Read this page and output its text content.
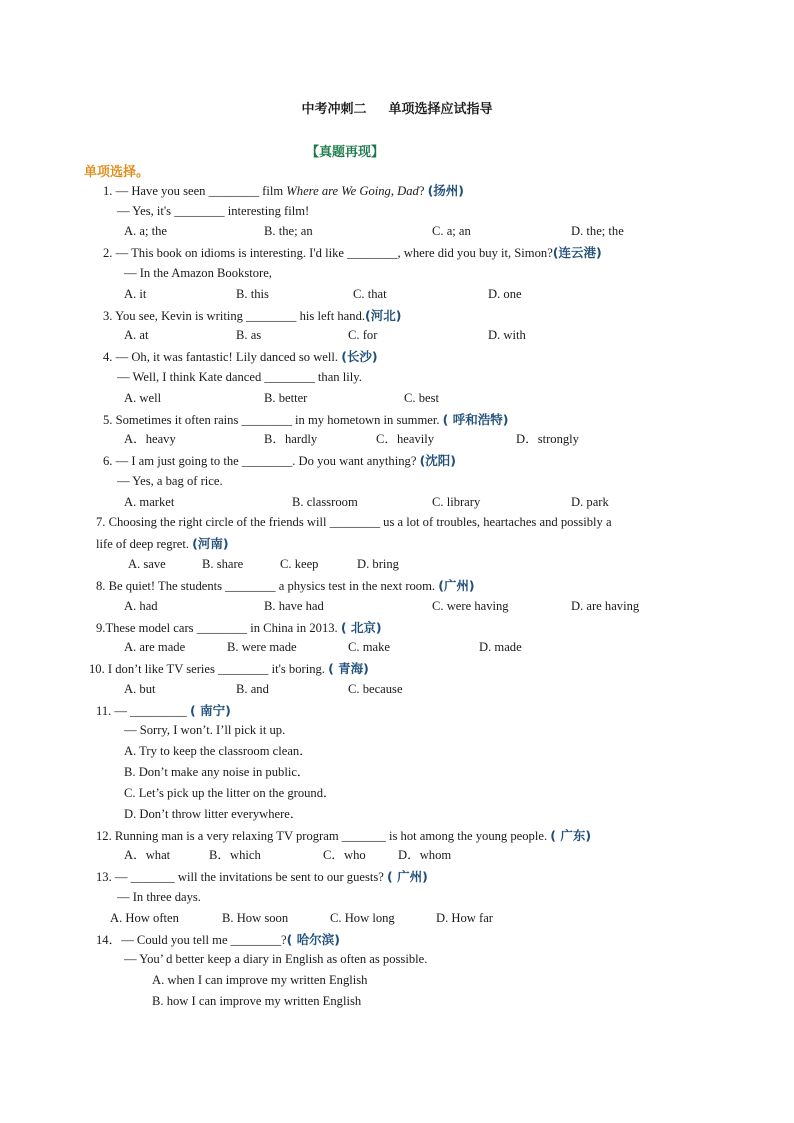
中考冲刺二 单项选择应试指导
【真题再现】
单项选择。
1. — Have you seen ________ film Where are We Going, Dad? (扬州)
— Yes, it's ________ interesting film!
A. a; the	B. the; an	C. a; an	D. the; the
2. — This book on idioms is interesting. I'd like ________, where did you buy it, Simon?(连云港)
— In the Amazon Bookstore,
A. it	B. this	C. that	D. one
3. You see, Kevin is writing ________ his left hand.(河北)
A. at	B. as	C. for	D. with
4. — Oh, it was fantastic! Lily danced so well. (长沙)
— Well, I think Kate danced ________ than lily.
A. well	B. better	C. best
5. Sometimes it often rains ________ in my hometown in summer. ( 呼和浩特)
A．heavy	B．hardly	C．heavily	D．strongly
6. — I am just going to the ________. Do you want anything? (沈阳)
— Yes, a bag of rice.
A. market	B. classroom	C. library	D. park
7. Choosing the right circle of the friends will ________ us a lot of troubles, heartaches and possibly a
life of deep regret. (河南)
A. save	B. share	C. keep	D. bring
8. Be quiet! The students ________ a physics test in the next room. (广州)
A. had	B. have had	C. were having	D. are having
9.These model cars ________ in China in 2013. ( 北京)
A. are made	B. were made	C. make	D. made
10. I don’t like TV series ________ it's boring. ( 青海)
A. but	B. and	C. because
11. — _________ ( 南宁)
— Sorry, I won’t. I’ll pick it up.
A. Try to keep the classroom clean．
B. Don’t make any noise in public．
C. Let’s pick up the litter on the ground．
D. Don’t throw litter everywhere．
12. Running man is a very relaxing TV program _______ is hot among the young people. ( 广东)
A．what	B．which	C．who	D．whom
13. — _______ will the invitations be sent to our guests? ( 广州)
— In three days.
A. How often	B. How soon	C. How long	D. How far
14．— Could you tell me ________?( 哈尔滨)
— You’ d better keep a diary in English as often as possible.
A. when I can improve my written English
B. how I can improve my written English
